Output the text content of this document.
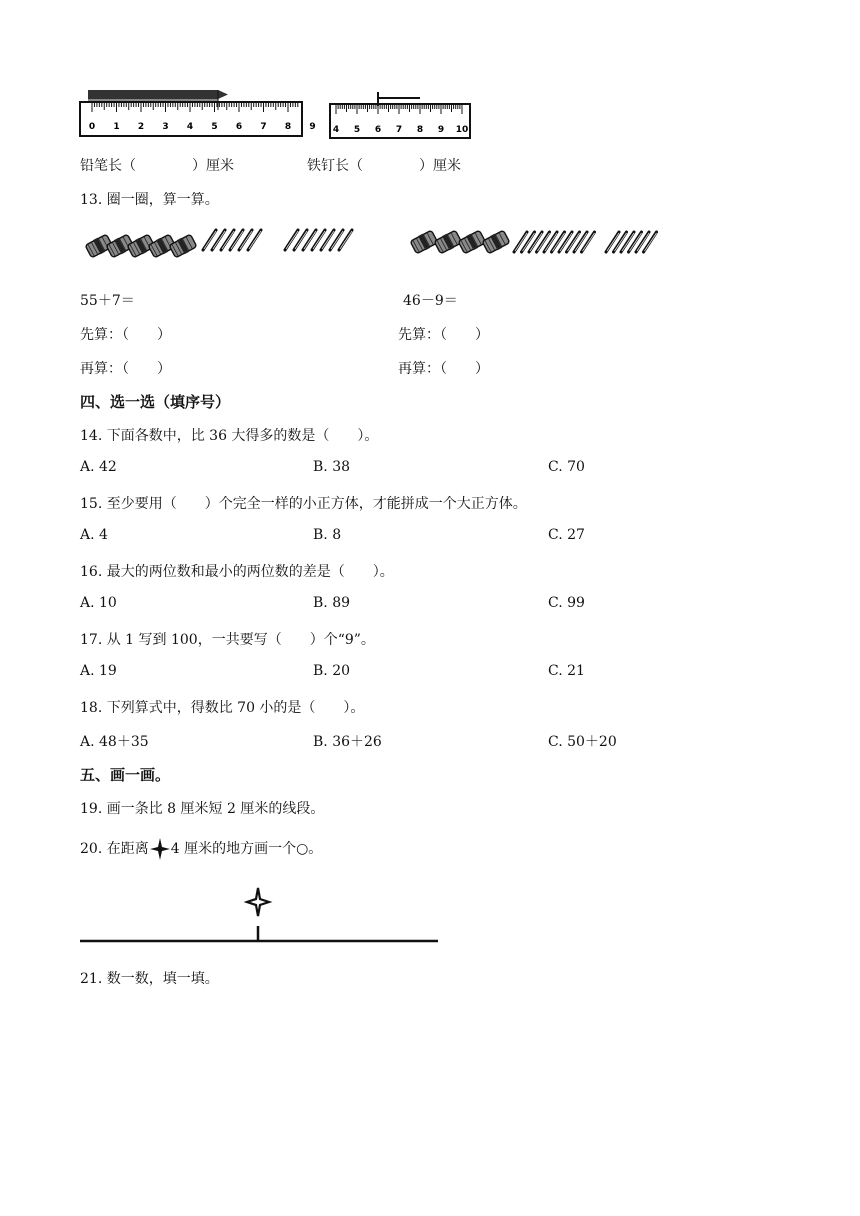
0 1 2 3 4 5 6 7 8 9 4 5 6 7 8 9 10
铅笔长（　　　　）厘米	铁钉长（　　　　）厘米
13. 圈一圈，算一算。
55＋7＝	46－9＝
先算：（　　）	先算：（　　）
再算：（　　）	再算：（　　）
四、选一选（填序号）
14. 下面各数中，比 36 大得多的数是（　　）。
A. 42	B. 38	C. 70
15. 至少要用（　　）个完全一样的小正方体，才能拼成一个大正方体。
A. 4	B. 8	C. 27
16. 最大的两位数和最小的两位数的差是（　　）。
A. 10	B. 89	C. 99
17. 从 1 写到 100，一共要写（　　）个“9”。
A. 19	B. 20	C. 21
18. 下列算式中，得数比 70 小的是（　　）。
A. 48＋35	B. 36＋26	C. 50＋20
五、画一画。
19. 画一条比 8 厘米短 2 厘米的线段。
20. 在距离 4 厘米的地方画一个○。
21. 数一数，填一填。
